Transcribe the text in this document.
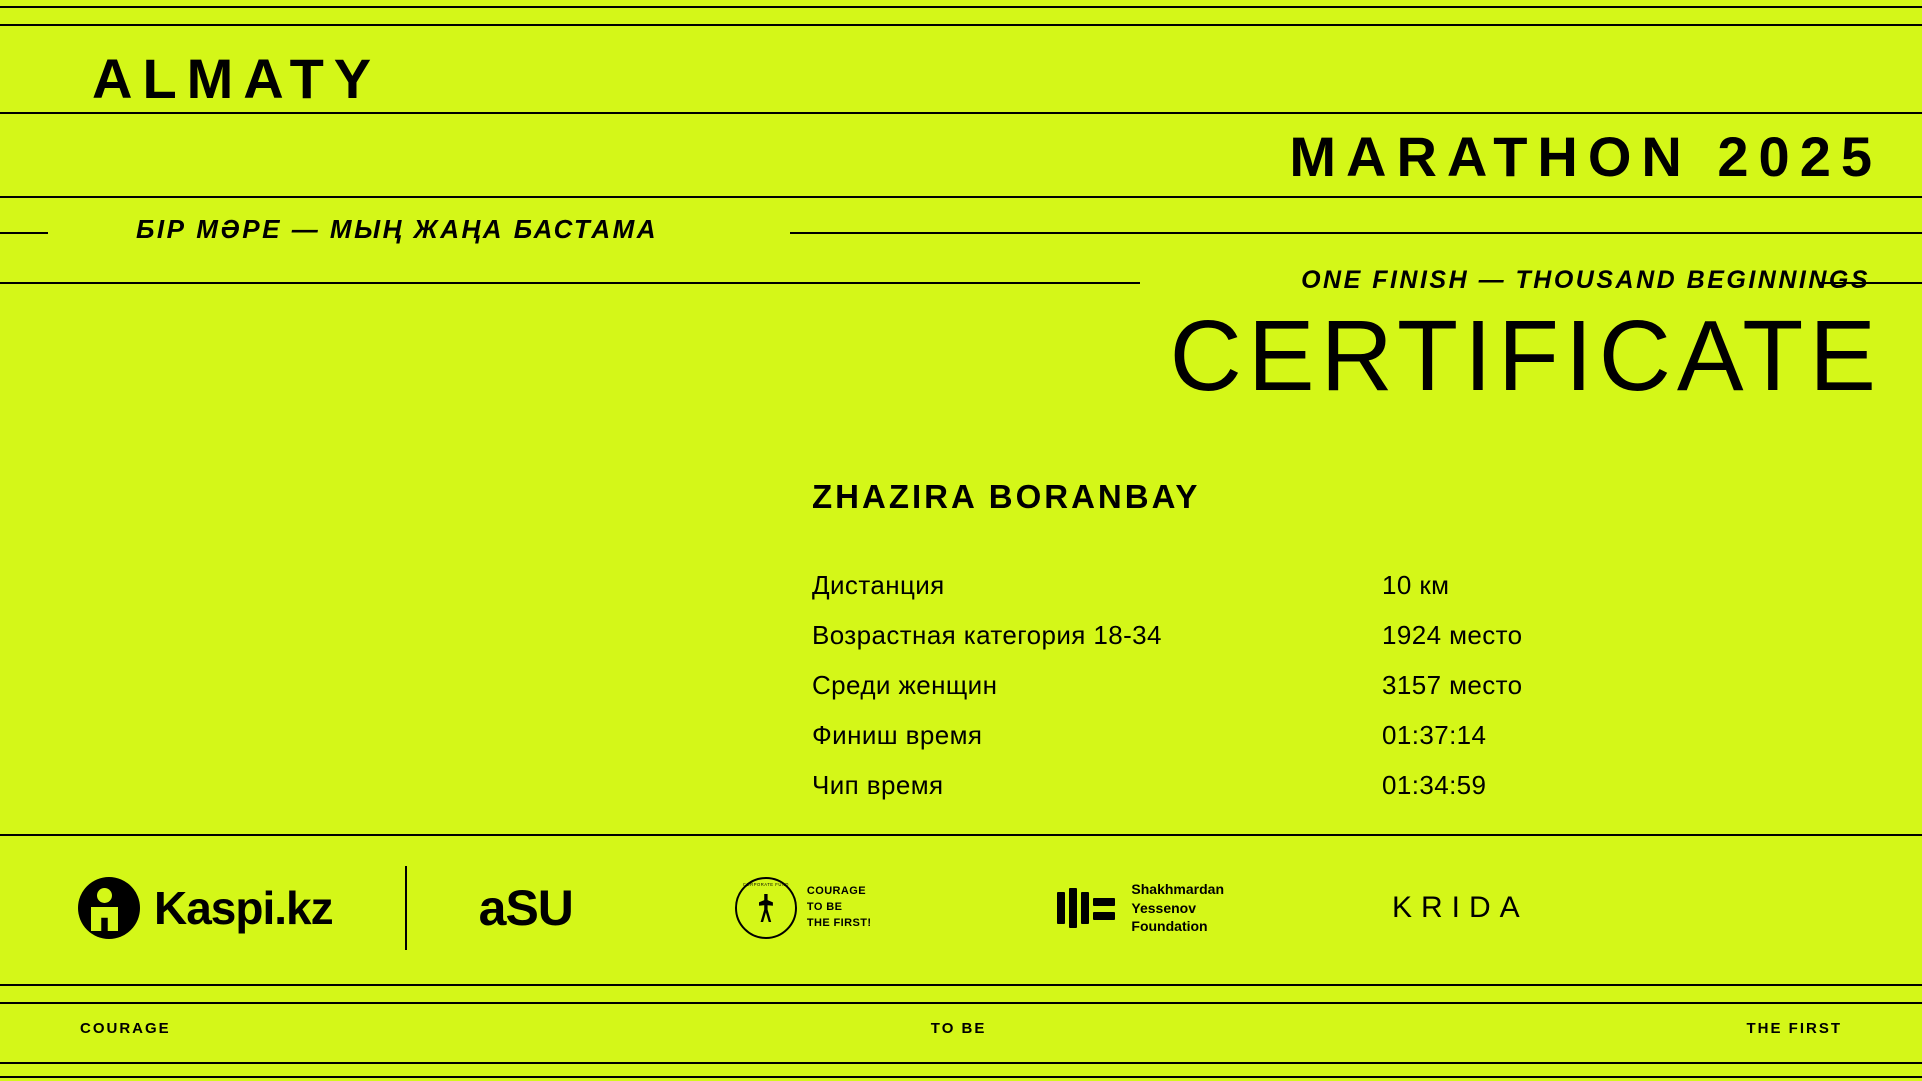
ALMATY
MARATHON 2025
БІР МӘРЕ — МЫҢ ЖАҢА БАСТАМА
ONE FINISH — THOUSAND BEGINNINGS
CERTIFICATE
ZHAZIRA BORANBAY
Дистанция	10 км
Возрастная категория 18-34	1924 место
Среди женщин	3157 место
Финиш время	01:37:14
Чип время	01:34:59
Kaspi.kz	aSU	CORPORATE FUND
COURAGE
TO BE
THE FIRST!
Shakhmardan
Yessenov
Foundation
KRIDA
COURAGE	TO BE	THE FIRST
